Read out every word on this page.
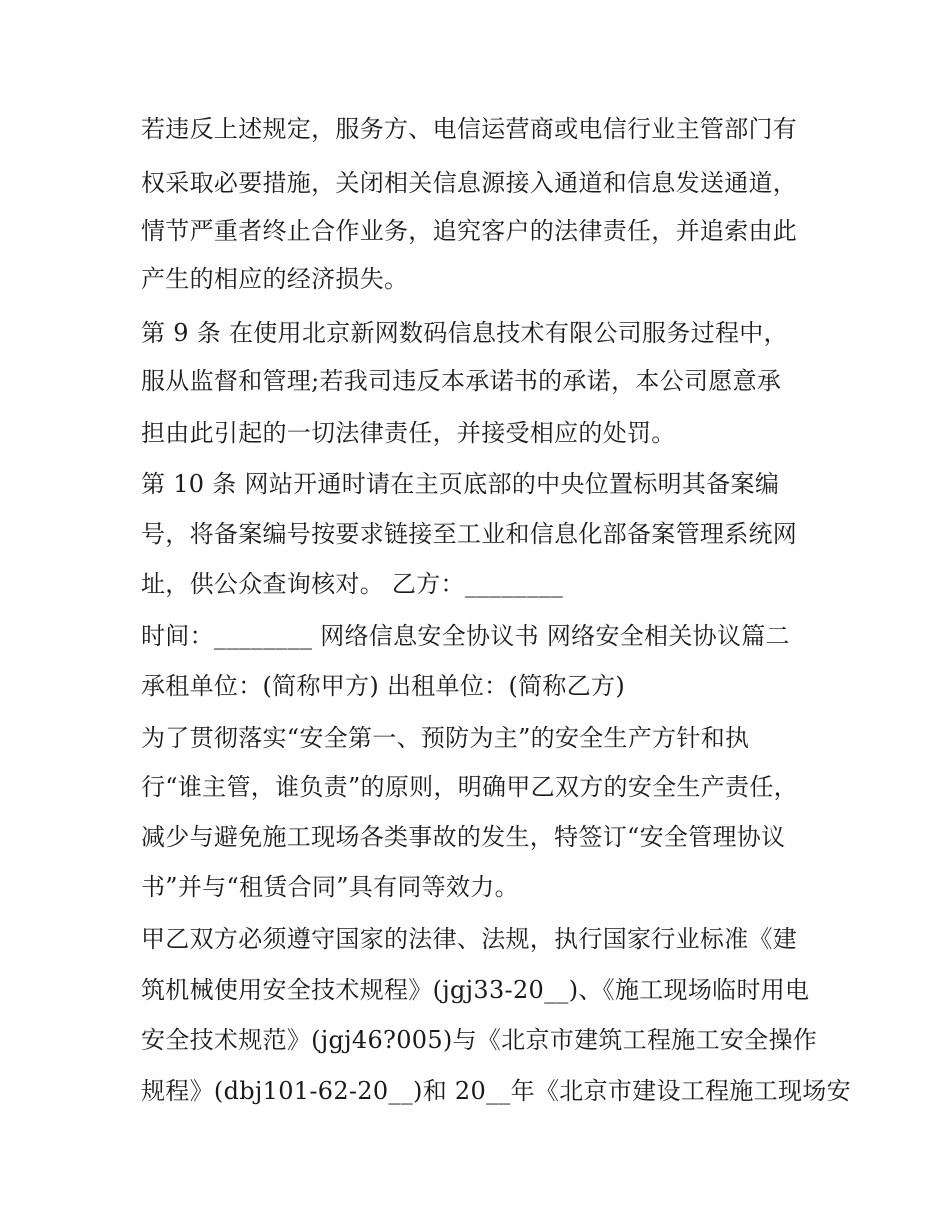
若违反上述规定，服务方、电信运营商或电信行业主管部门有
权采取必要措施，关闭相关信息源接入通道和信息发送通道，
情节严重者终止合作业务，追究客户的法律责任，并追索由此
产生的相应的经济损失。
第 9 条 在使用北京新网数码信息技术有限公司服务过程中，
服从监督和管理;若我司违反本承诺书的承诺，本公司愿意承
担由此引起的一切法律责任，并接受相应的处罚。
第 10 条 网站开通时请在主页底部的中央位置标明其备案编
号，将备案编号按要求链接至工业和信息化部备案管理系统网
址，供公众查询核对。 乙方：________
时间：________ 网络信息安全协议书 网络安全相关协议篇二
承租单位：(简称甲方) 出租单位：(简称乙方)
为了贯彻落实“安全第一、预防为主”的安全生产方针和执
行“谁主管，谁负责”的原则，明确甲乙双方的安全生产责任，
减少与避免施工现场各类事故的发生，特签订“安全管理协议
书”并与“租赁合同”具有同等效力。
甲乙双方必须遵守国家的法律、法规，执行国家行业标准《建
筑机械使用安全技术规程》(jgj33-20__)、《施工现场临时用电
安全技术规范》(jgj46?005)与《北京市建筑工程施工安全操作
规程》(dbj101-62-20__)和 20__年《北京市建设工程施工现场安
